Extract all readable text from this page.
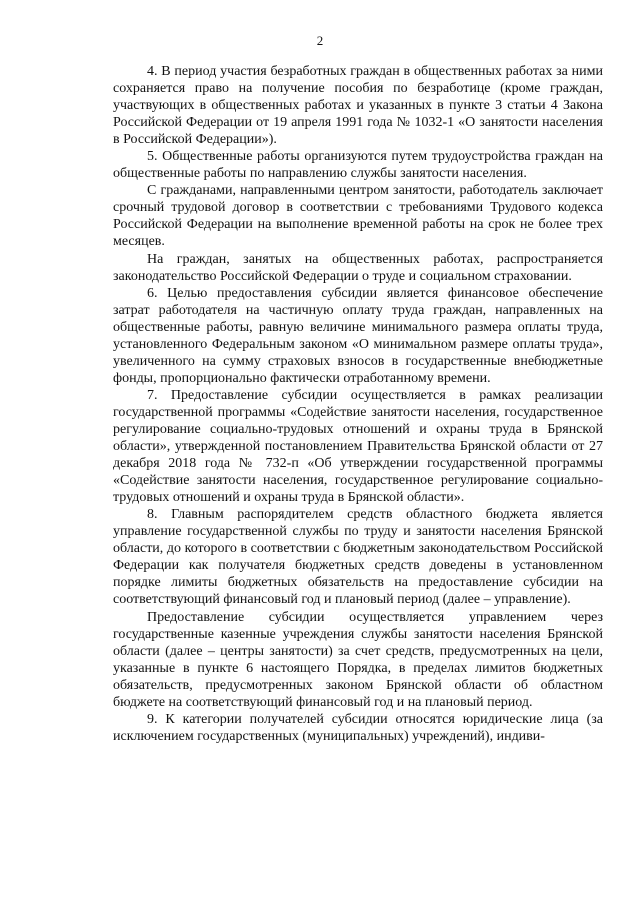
2

4. В период участия безработных граждан в общественных работах за ними сохраняется право на получение пособия по безработице (кроме граждан, участвующих в общественных работах и указанных в пункте 3 статьи 4 Закона Российской Федерации от 19 апреля 1991 года № 1032-1 «О занятости населения в Российской Федерации»).

5. Общественные работы организуются путем трудоустройства граждан на общественные работы по направлению службы занятости населения.

С гражданами, направленными центром занятости, работодатель заключает срочный трудовой договор в соответствии с требованиями Трудового кодекса Российской Федерации на выполнение временной работы на срок не более трех месяцев.

На граждан, занятых на общественных работах, распространяется законодательство Российской Федерации о труде и социальном страховании.

6. Целью предоставления субсидии является финансовое обеспечение затрат работодателя на частичную оплату труда граждан, направленных на общественные работы, равную величине минимального размера оплаты труда, установленного Федеральным законом «О минимальном размере оплаты труда», увеличенного на сумму страховых взносов в государственные внебюджетные фонды, пропорционально фактически отработанному времени.

7. Предоставление субсидии осуществляется в рамках реализации государственной программы «Содействие занятости населения, государственное регулирование социально-трудовых отношений и охраны труда в Брянской области», утвержденной постановлением Правительства Брянской области от 27 декабря 2018 года № 732-п «Об утверждении государственной программы «Содействие занятости населения, государственное регулирование социально-трудовых отношений и охраны труда в Брянской области».

8. Главным распорядителем средств областного бюджета является управление государственной службы по труду и занятости населения Брянской области, до которого в соответствии с бюджетным законодательством Российской Федерации как получателя бюджетных средств доведены в установленном порядке лимиты бюджетных обязательств на предоставление субсидии на соответствующий финансовый год и плановый период (далее – управление).

Предоставление субсидии осуществляется управлением через государственные казенные учреждения службы занятости населения Брянской области (далее – центры занятости) за счет средств, предусмотренных на цели, указанные в пункте 6 настоящего Порядка, в пределах лимитов бюджетных обязательств, предусмотренных законом Брянской области об областном бюджете на соответствующий финансовый год и на плановый период.

9. К категории получателей субсидии относятся юридические лица (за исключением государственных (муниципальных) учреждений), индиви-
